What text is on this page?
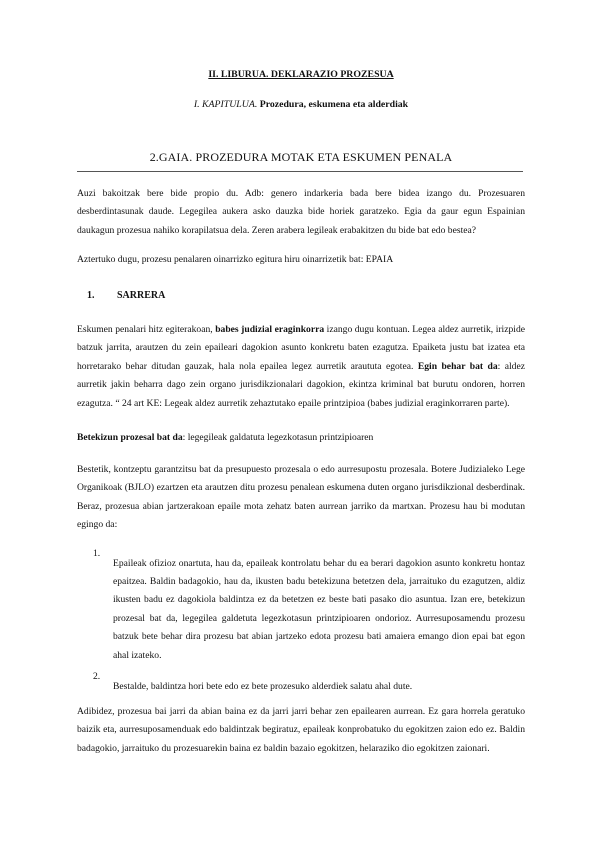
II. LIBURUA. DEKLARAZIO PROZESUA

I. KAPITULUA. Prozedura, eskumena eta alderdiak

2.GAIA. PROZEDURA MOTAK ETA ESKUMEN PENALA

Auzi bakoitzak bere bide propio du. Adb: genero indarkeria bada bere bidea izango du. Prozesuaren desberdintasunak daude. Legegilea aukera asko dauzka bide horiek garatzeko. Egia da gaur egun Espainian daukagun prozesua nahiko korapilatsua dela. Zeren arabera legileak erabakitzen du bide bat edo bestea?

Aztertuko dugu, prozesu penalaren oinarrizko egitura hiru oinarrizetik bat: EPAIA

1. SARRERA

Eskumen penalari hitz egiterakoan, babes judizial eraginkorra izango dugu kontuan. Legea aldez aurretik, irizpide batzuk jarrita, arautzen du zein epaileari dagokion asunto konkretu baten ezagutza. Epaiketa justu bat izatea eta horretarako behar ditudan gauzak, hala nola epailea legez aurretik araututa egotea. Egin behar bat da: aldez aurretik jakin beharra dago zein organo jurisdikzionalari dagokion, ekintza kriminal bat burutu ondoren, horren ezagutza. “ 24 art KE: Legeak aldez aurretik zehaztutako epaile printzipioa (babes judizial eraginkorraren parte).

Betekizun prozesal bat da: legegileak galdatuta legezkotasun printzipioaren

Bestetik, kontzeptu garantzitsu bat da presupuesto prozesala o edo aurresupostu prozesala. Botere Judizialeko Lege Organikoak (BJLO) ezartzen eta arautzen ditu prozesu penalean eskumena duten organo jurisdikzional desberdinak. Beraz, prozesua abian jartzerakoan epaile mota zehatz baten aurrean jarriko da martxan. Prozesu hau bi modutan egingo da:

1.

Epaileak ofizioz onartuta, hau da, epaileak kontrolatu behar du ea berari dagokion asunto konkretu hontaz epaitzea. Baldin badagokio, hau da, ikusten badu betekizuna betetzen dela, jarraituko du ezagutzen, aldiz ikusten badu ez dagokiola baldintza ez da betetzen ez beste bati pasako dio asuntua. Izan ere, betekizun prozesal bat da, legegilea galdetuta legezkotasun printzipioaren ondorioz. Aurresuposamendu prozesu batzuk bete behar dira prozesu bat abian jartzeko edota prozesu bati amaiera emango dion epai bat egon ahal izateko.

2.

Bestalde, baldintza hori bete edo ez bete prozesuko alderdiek salatu ahal dute.

Adibidez, prozesua bai jarri da abian baina ez da jarri jarri behar zen epailearen aurrean. Ez gara horrela geratuko baizik eta, aurresuposamenduak edo baldintzak begiratuz, epaileak konprobatuko du egokitzen zaion edo ez. Baldin badagokio, jarraituko du prozesuarekin baina ez baldin bazaio egokitzen, helaraziko dio egokitzen zaionari.
